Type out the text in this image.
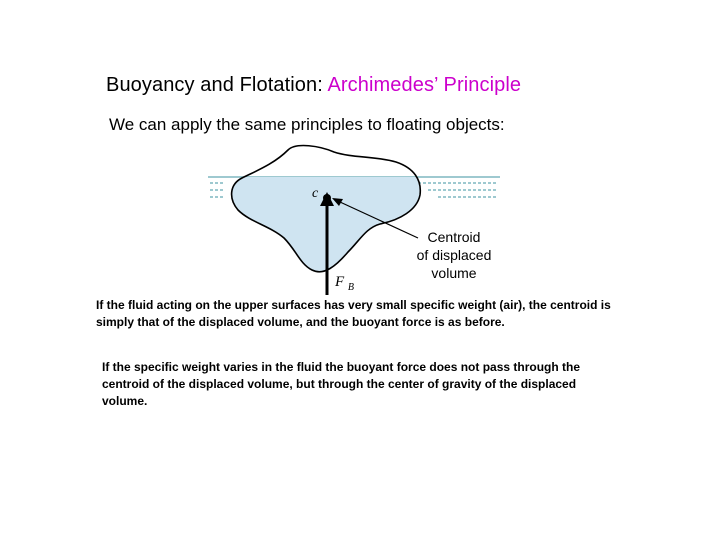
Buoyancy and Flotation: Archimedes’ Principle
We can apply the same principles to floating objects:
c
Centroid
of displaced
volume
F $_B$
If the fluid acting on the upper surfaces has very small specific weight (air), the centroid is simply that of the displaced volume, and the buoyant force is as before.
If the specific weight varies in the fluid the buoyant force does not pass through the centroid of the displaced volume, but through the center of gravity of the displaced volume.
